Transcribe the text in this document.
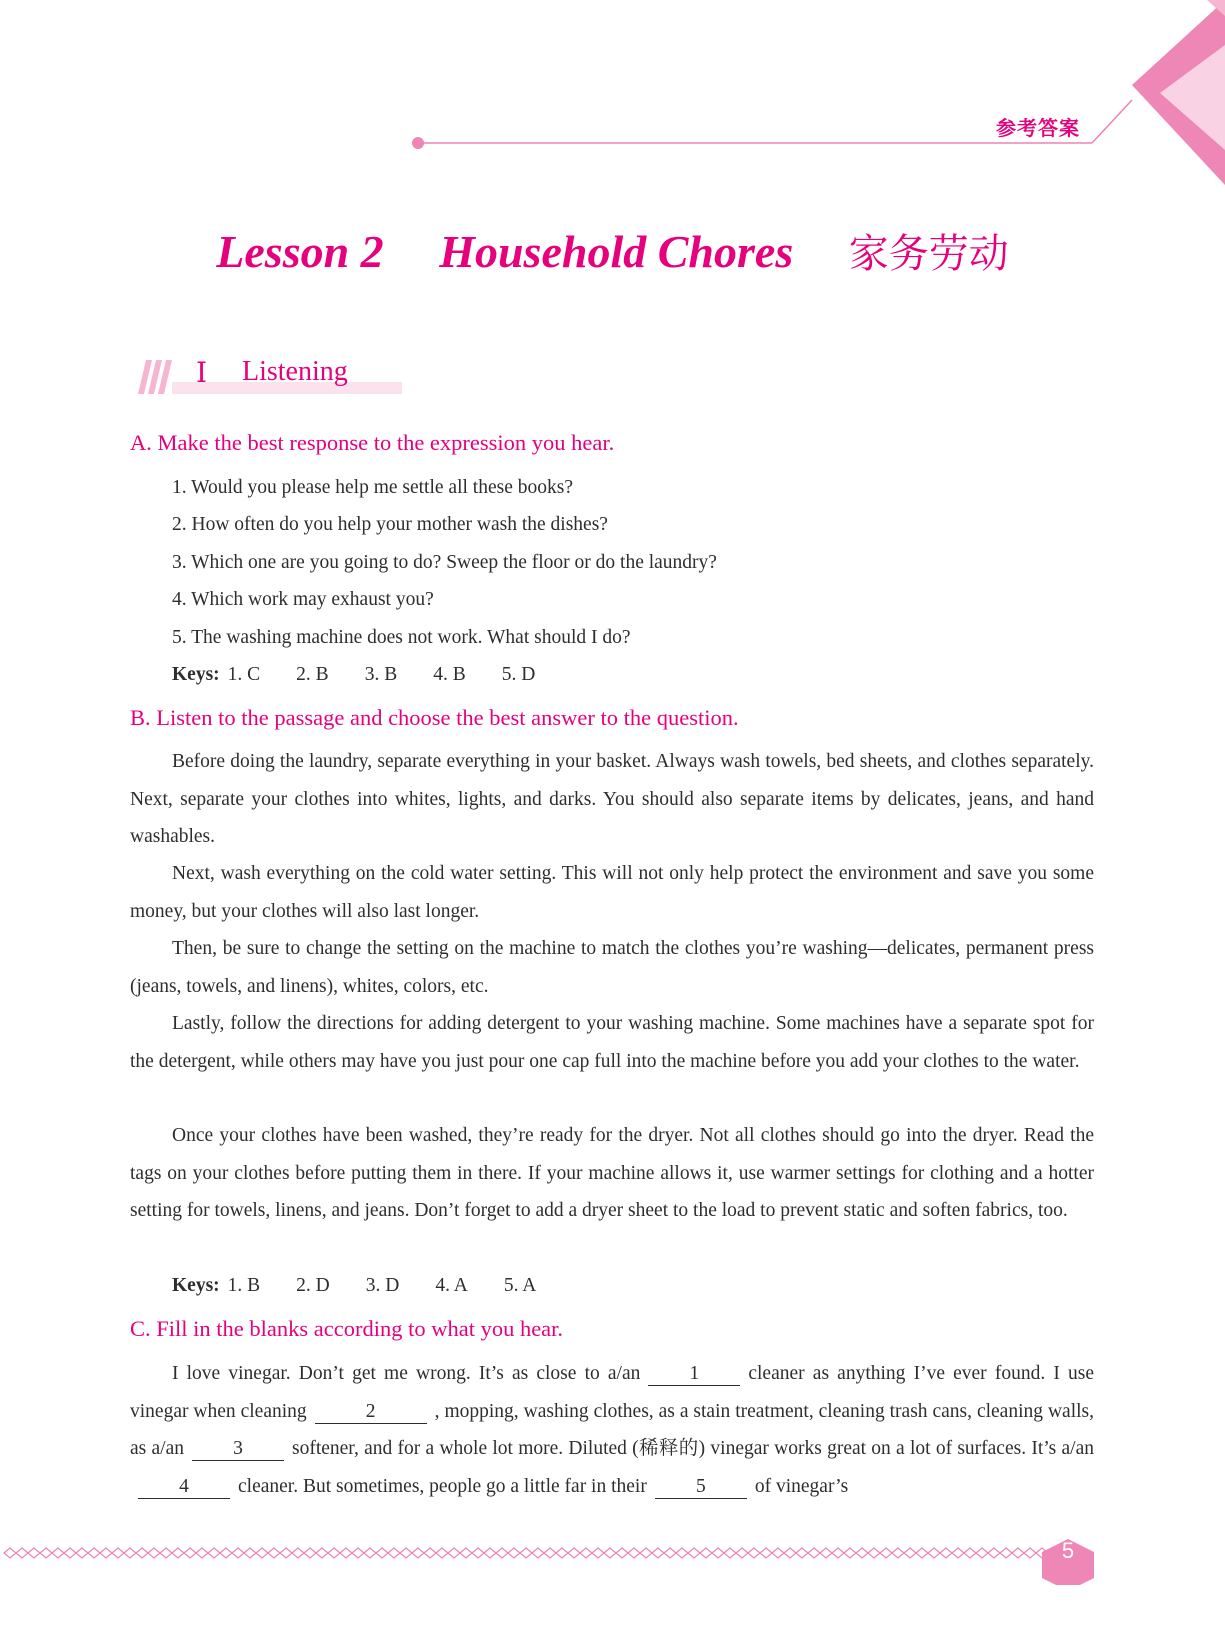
参考答案
Lesson 2 Household Chores 家务劳动
Ⅰ Listening
A. Make the best response to the expression you hear.
1. Would you please help me settle all these books?
2. How often do you help your mother wash the dishes?
3. Which one are you going to do? Sweep the floor or do the laundry?
4. Which work may exhaust you?
5. The washing machine does not work. What should I do?
Keys: 1. C 2. B 3. B 4. B 5. D
B. Listen to the passage and choose the best answer to the question.
Before doing the laundry, separate everything in your basket. Always wash towels, bed sheets, and clothes separately. Next, separate your clothes into whites, lights, and darks. You should also separate items by delicates, jeans, and hand washables.
Next, wash everything on the cold water setting. This will not only help protect the environment and save you some money, but your clothes will also last longer.
Then, be sure to change the setting on the machine to match the clothes you’re washing—delicates, permanent press (jeans, towels, and linens), whites, colors, etc.
Lastly, follow the directions for adding detergent to your washing machine. Some machines have a separate spot for the detergent, while others may have you just pour one cap full into the machine before you add your clothes to the water.
Once your clothes have been washed, they’re ready for the dryer. Not all clothes should go into the dryer. Read the tags on your clothes before putting them in there. If your machine allows it, use warmer settings for clothing and a hotter setting for towels, linens, and jeans. Don’t forget to add a dryer sheet to the load to prevent static and soften fabrics, too.
Keys: 1. B 2. D 3. D 4. A 5. A
C. Fill in the blanks according to what you hear.
I love vinegar. Don’t get me wrong. It’s as close to a/an	1	cleaner as anything I’ve ever found. I use vinegar when cleaning	2	, mopping, washing clothes, as a stain treatment, cleaning trash cans, cleaning walls, as a/an	3	softener, and for a whole lot more. Diluted (稀释的) vinegar works great on a lot of surfaces. It’s a/an4	cleaner. But sometimes, people go a little far in their	5	of vinegar’s
5
